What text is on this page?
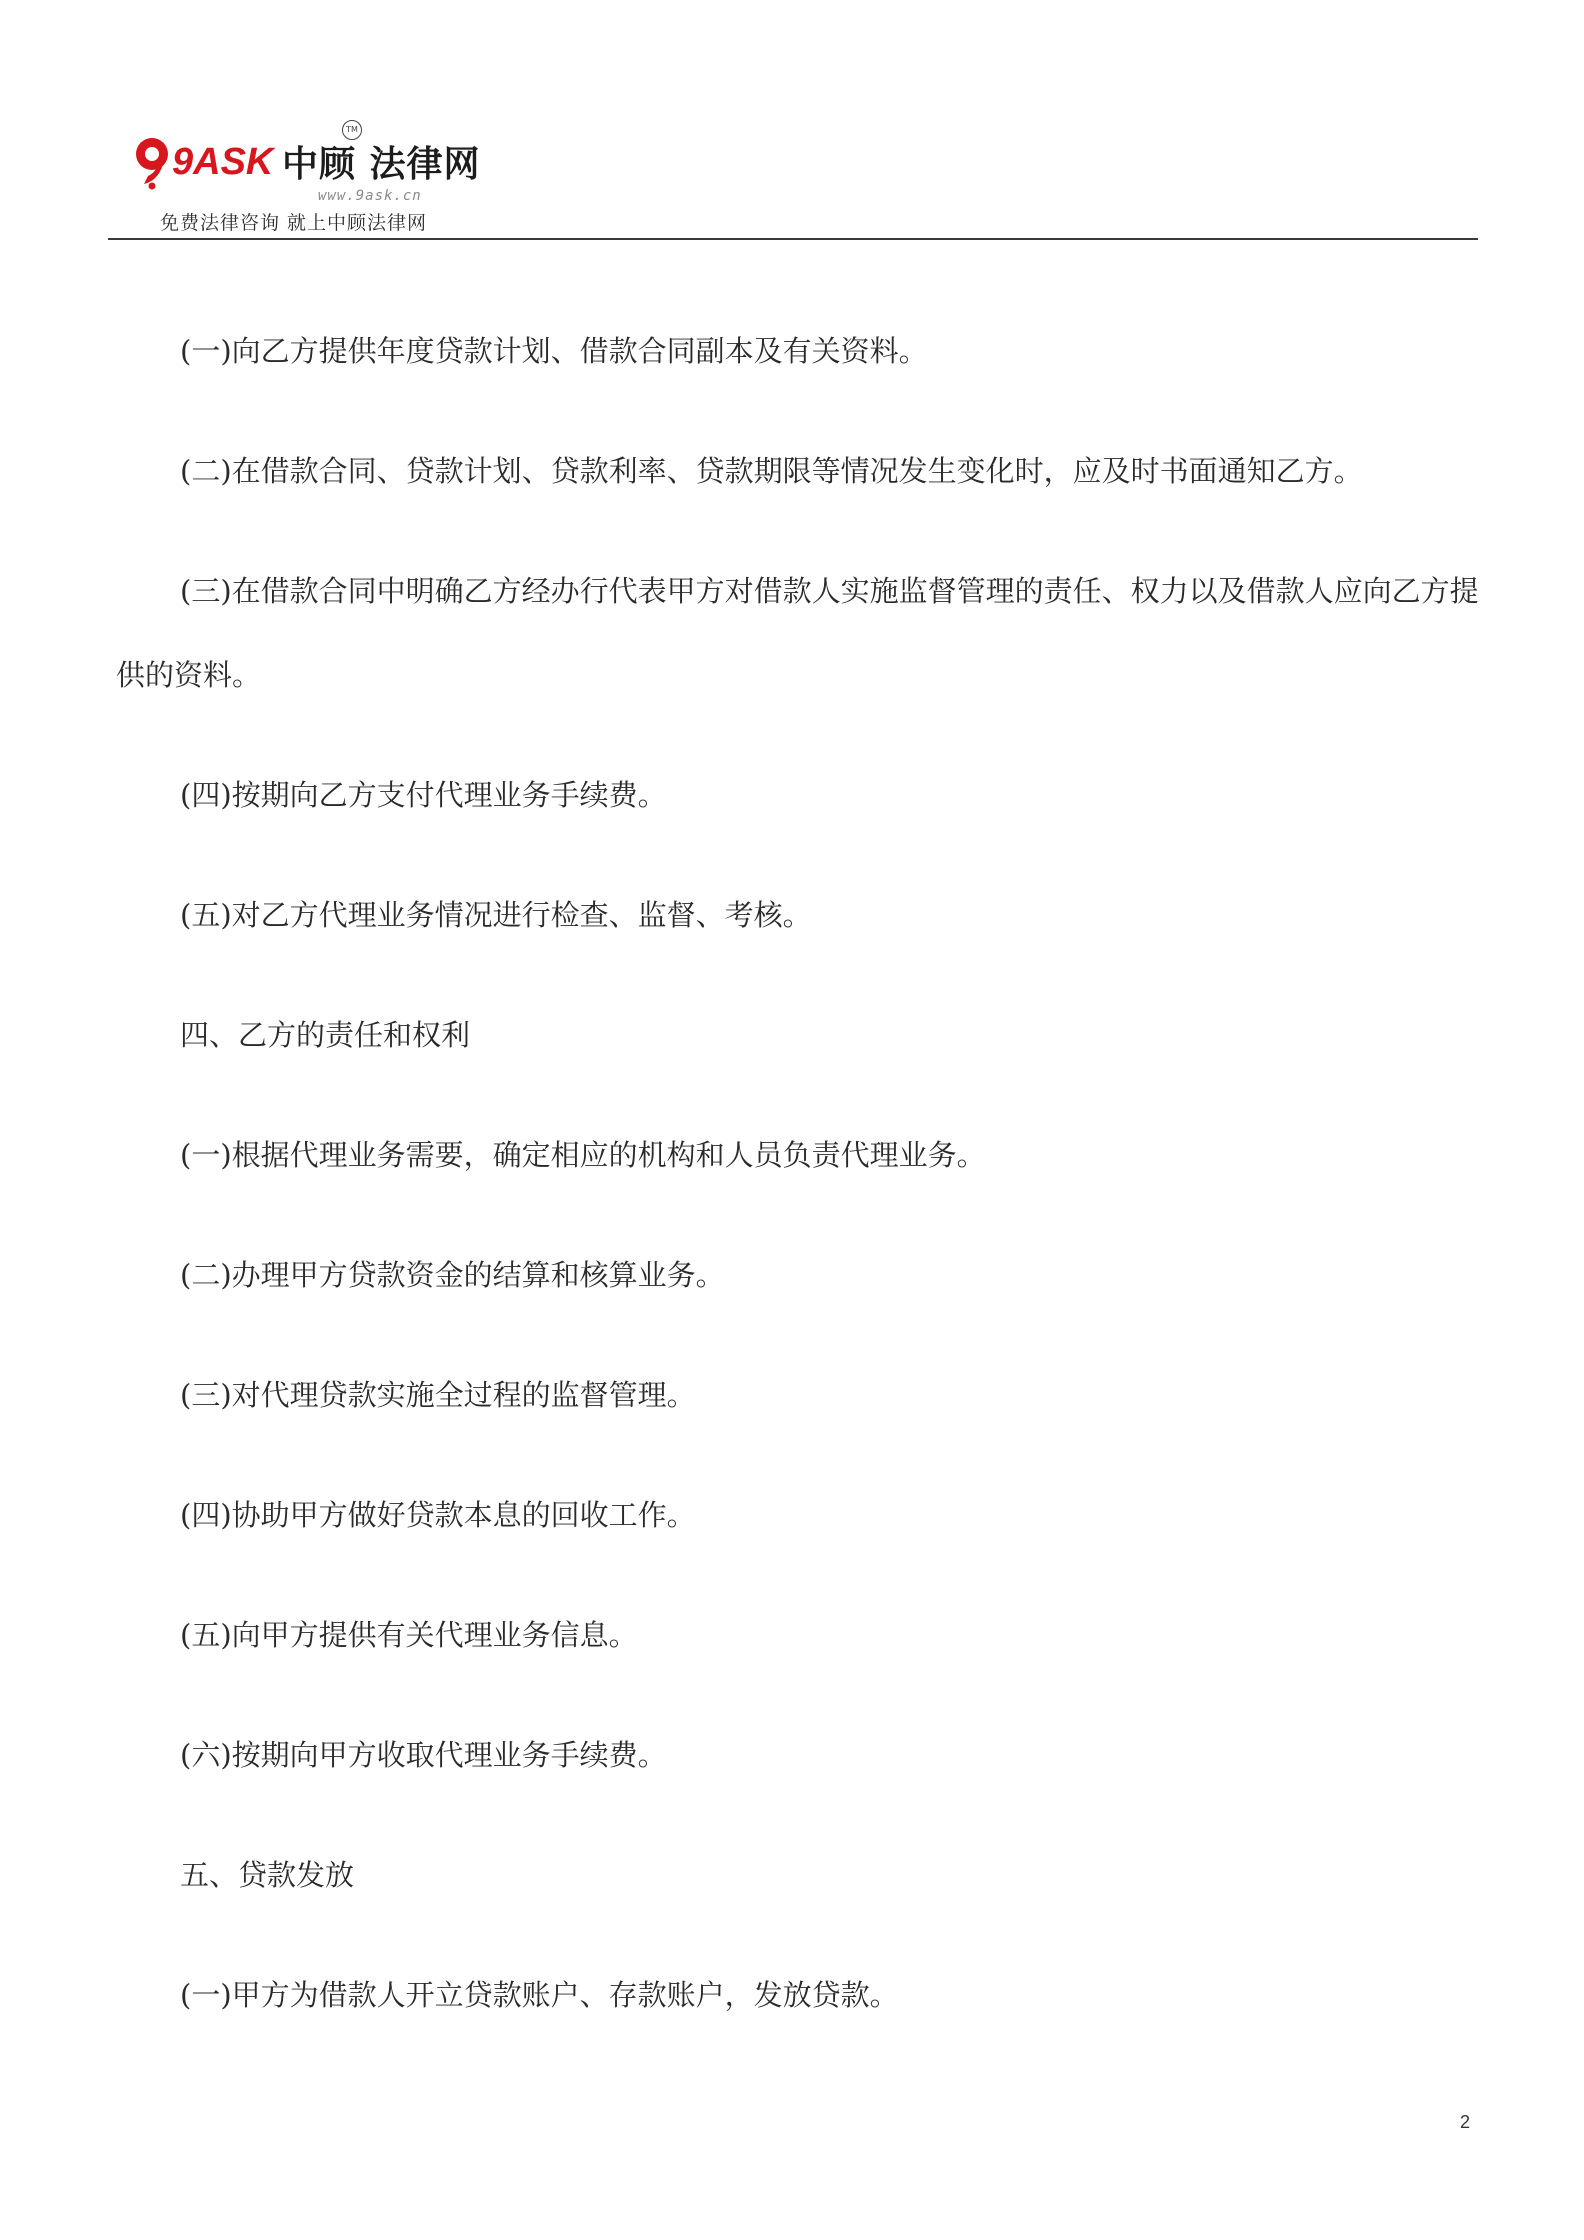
9ASK 中顾 法律网
TM
www.9ask.cn
免费法律咨询 就上中顾法律网

(一)向乙方提供年度贷款计划、借款合同副本及有关资料。

(二)在借款合同、贷款计划、贷款利率、贷款期限等情况发生变化时，应及时书面通知乙方。

(三)在借款合同中明确乙方经办行代表甲方对借款人实施监督管理的责任、权力以及借款人应向乙方提供的资料。

(四)按期向乙方支付代理业务手续费。

(五)对乙方代理业务情况进行检查、监督、考核。

四、乙方的责任和权利

(一)根据代理业务需要，确定相应的机构和人员负责代理业务。

(二)办理甲方贷款资金的结算和核算业务。

(三)对代理贷款实施全过程的监督管理。

(四)协助甲方做好贷款本息的回收工作。

(五)向甲方提供有关代理业务信息。

(六)按期向甲方收取代理业务手续费。

五、贷款发放

(一)甲方为借款人开立贷款账户、存款账户，发放贷款。

2
